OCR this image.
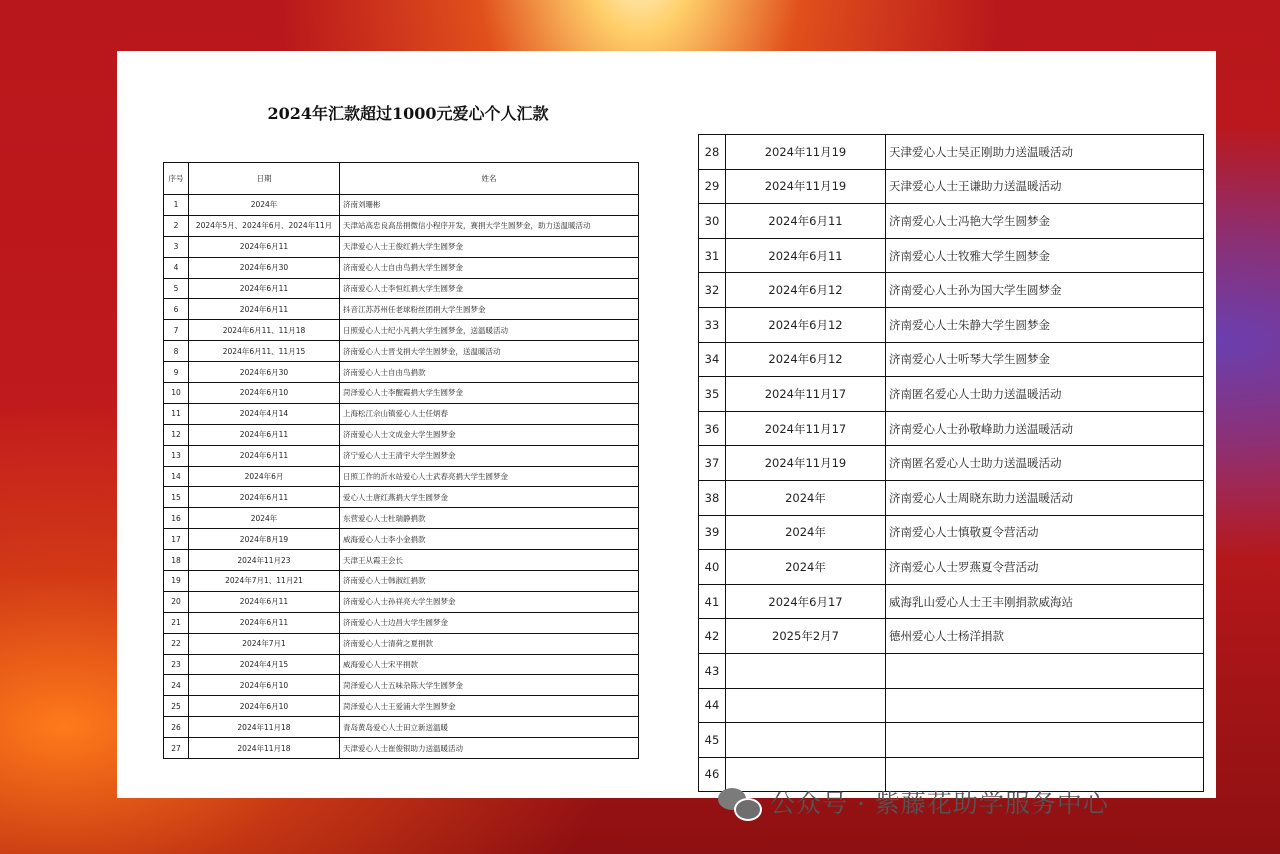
2024年汇款超过1000元爱心个人汇款
序号	日期	姓名
1	2024年	济南刘珊彬
2	2024年5月、2024年6月、2024年11月	天津站高忠良高岳捐微信小程序开发，赛捐大学生圆梦金，助力送温暖活动
3	2024年6月11	天津爱心人士王俊红捐大学生圆梦金
4	2024年6月30	济南爱心人士自由鸟捐大学生圆梦金
5	2024年6月11	济南爱心人士李恒红捐大学生圆梦金
6	2024年6月11	抖音江苏苏州任老球粉丝团捐大学生圆梦金
7	2024年6月11、11月18	日照爱心人士纪小凡捐大学生圆梦金，送温暖活动
8	2024年6月11、11月15	济南爱心人士晋戈捐大学生圆梦金，送温暖活动
9	2024年6月30	济南爱心人士自由鸟捐款
10	2024年6月10	菏泽爱心人士李醒霞捐大学生圆梦金
11	2024年4月14	上海松江佘山镇爱心人士任炳春
12	2024年6月11	济南爱心人士文成金大学生圆梦金
13	2024年6月11	济宁爱心人士王清宇大学生圆梦金
14	2024年6月	日照工作的沂水站爱心人士武春亮捐大学生圆梦金
15	2024年6月11	爱心人士唐红燕捐大学生圆梦金
16	2024年	东营爱心人士杜瑞静捐款
17	2024年8月19	威海爱心人士李小金捐款
18	2024年11月23	天津王从霞王会长
19	2024年7月1、11月21	济南爱心人士韩淑红捐款
20	2024年6月11	济南爱心人士孙祥亮大学生圆梦金
21	2024年6月11	济南爱心人士边昌大学生圆梦金
22	2024年7月1	济南爱心人士清荷之夏捐款
23	2024年4月15	威海爱心人士宋平捐款
24	2024年6月10	菏泽爱心人士五味杂陈大学生圆梦金
25	2024年6月10	菏泽爱心人士王爱浦大学生圆梦金
26	2024年11月18	青岛黄岛爱心人士田立新送温暖
27	2024年11月18	天津爱心人士崔俊银助力送温暖活动
28	2024年11月19	天津爱心人士吴正刚助力送温暖活动
29	2024年11月19	天津爱心人士王谦助力送温暖活动
30	2024年6月11	济南爱心人士冯艳大学生圆梦金
31	2024年6月11	济南爱心人士牧雅大学生圆梦金
32	2024年6月12	济南爱心人士孙为国大学生圆梦金
33	2024年6月12	济南爱心人士朱静大学生圆梦金
34	2024年6月12	济南爱心人士听琴大学生圆梦金
35	2024年11月17	济南匿名爱心人士助力送温暖活动
36	2024年11月17	济南爱心人士孙敬峰助力送温暖活动
37	2024年11月19	济南匿名爱心人士助力送温暖活动
38	2024年	济南爱心人士周晓东助力送温暖活动
39	2024年	济南爱心人士慎敬夏令营活动
40	2024年	济南爱心人士罗燕夏令营活动
41	2024年6月17	威海乳山爱心人士王丰刚捐款威海站
42	2025年2月7	德州爱心人士杨洋捐款
43		
44		
45		
46		
公众号 · 紫藤花助学服务中心
